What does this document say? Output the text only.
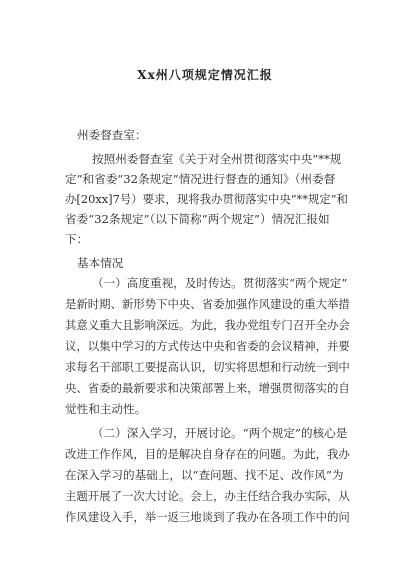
Xx州八项规定情况汇报
州委督查室：
按照州委督查室《关于对全州贯彻落实中央“**规
定”和省委“32条规定”情况进行督查的通知》（州委督
办[20xx]7号）要求，现将我办贯彻落实中央“**规定”和
省委“32条规定”（以下简称“两个规定”）情况汇报如
下：
基本情况
（一）高度重视，及时传达。贯彻落实“两个规定”
是新时期、新形势下中央、省委加强作风建设的重大举措
其意义重大且影响深远。为此，我办党组专门召开全办会
议，以集中学习的方式传达中央和省委的会议精神，并要
求每名干部职工要提高认识，切实将思想和行动统一到中
央、省委的最新要求和决策部署上来，增强贯彻落实的自
觉性和主动性。
（二）深入学习，开展讨论。“两个规定”的核心是
改进工作作风，目的是解决自身存在的问题。为此，我办
在深入学习的基础上，以“查问题、找不足、改作风”为
主题开展了一次大讨论。会上，办主任结合我办实际，从
作风建设入手，举一返三地谈到了我办在各项工作中的问
